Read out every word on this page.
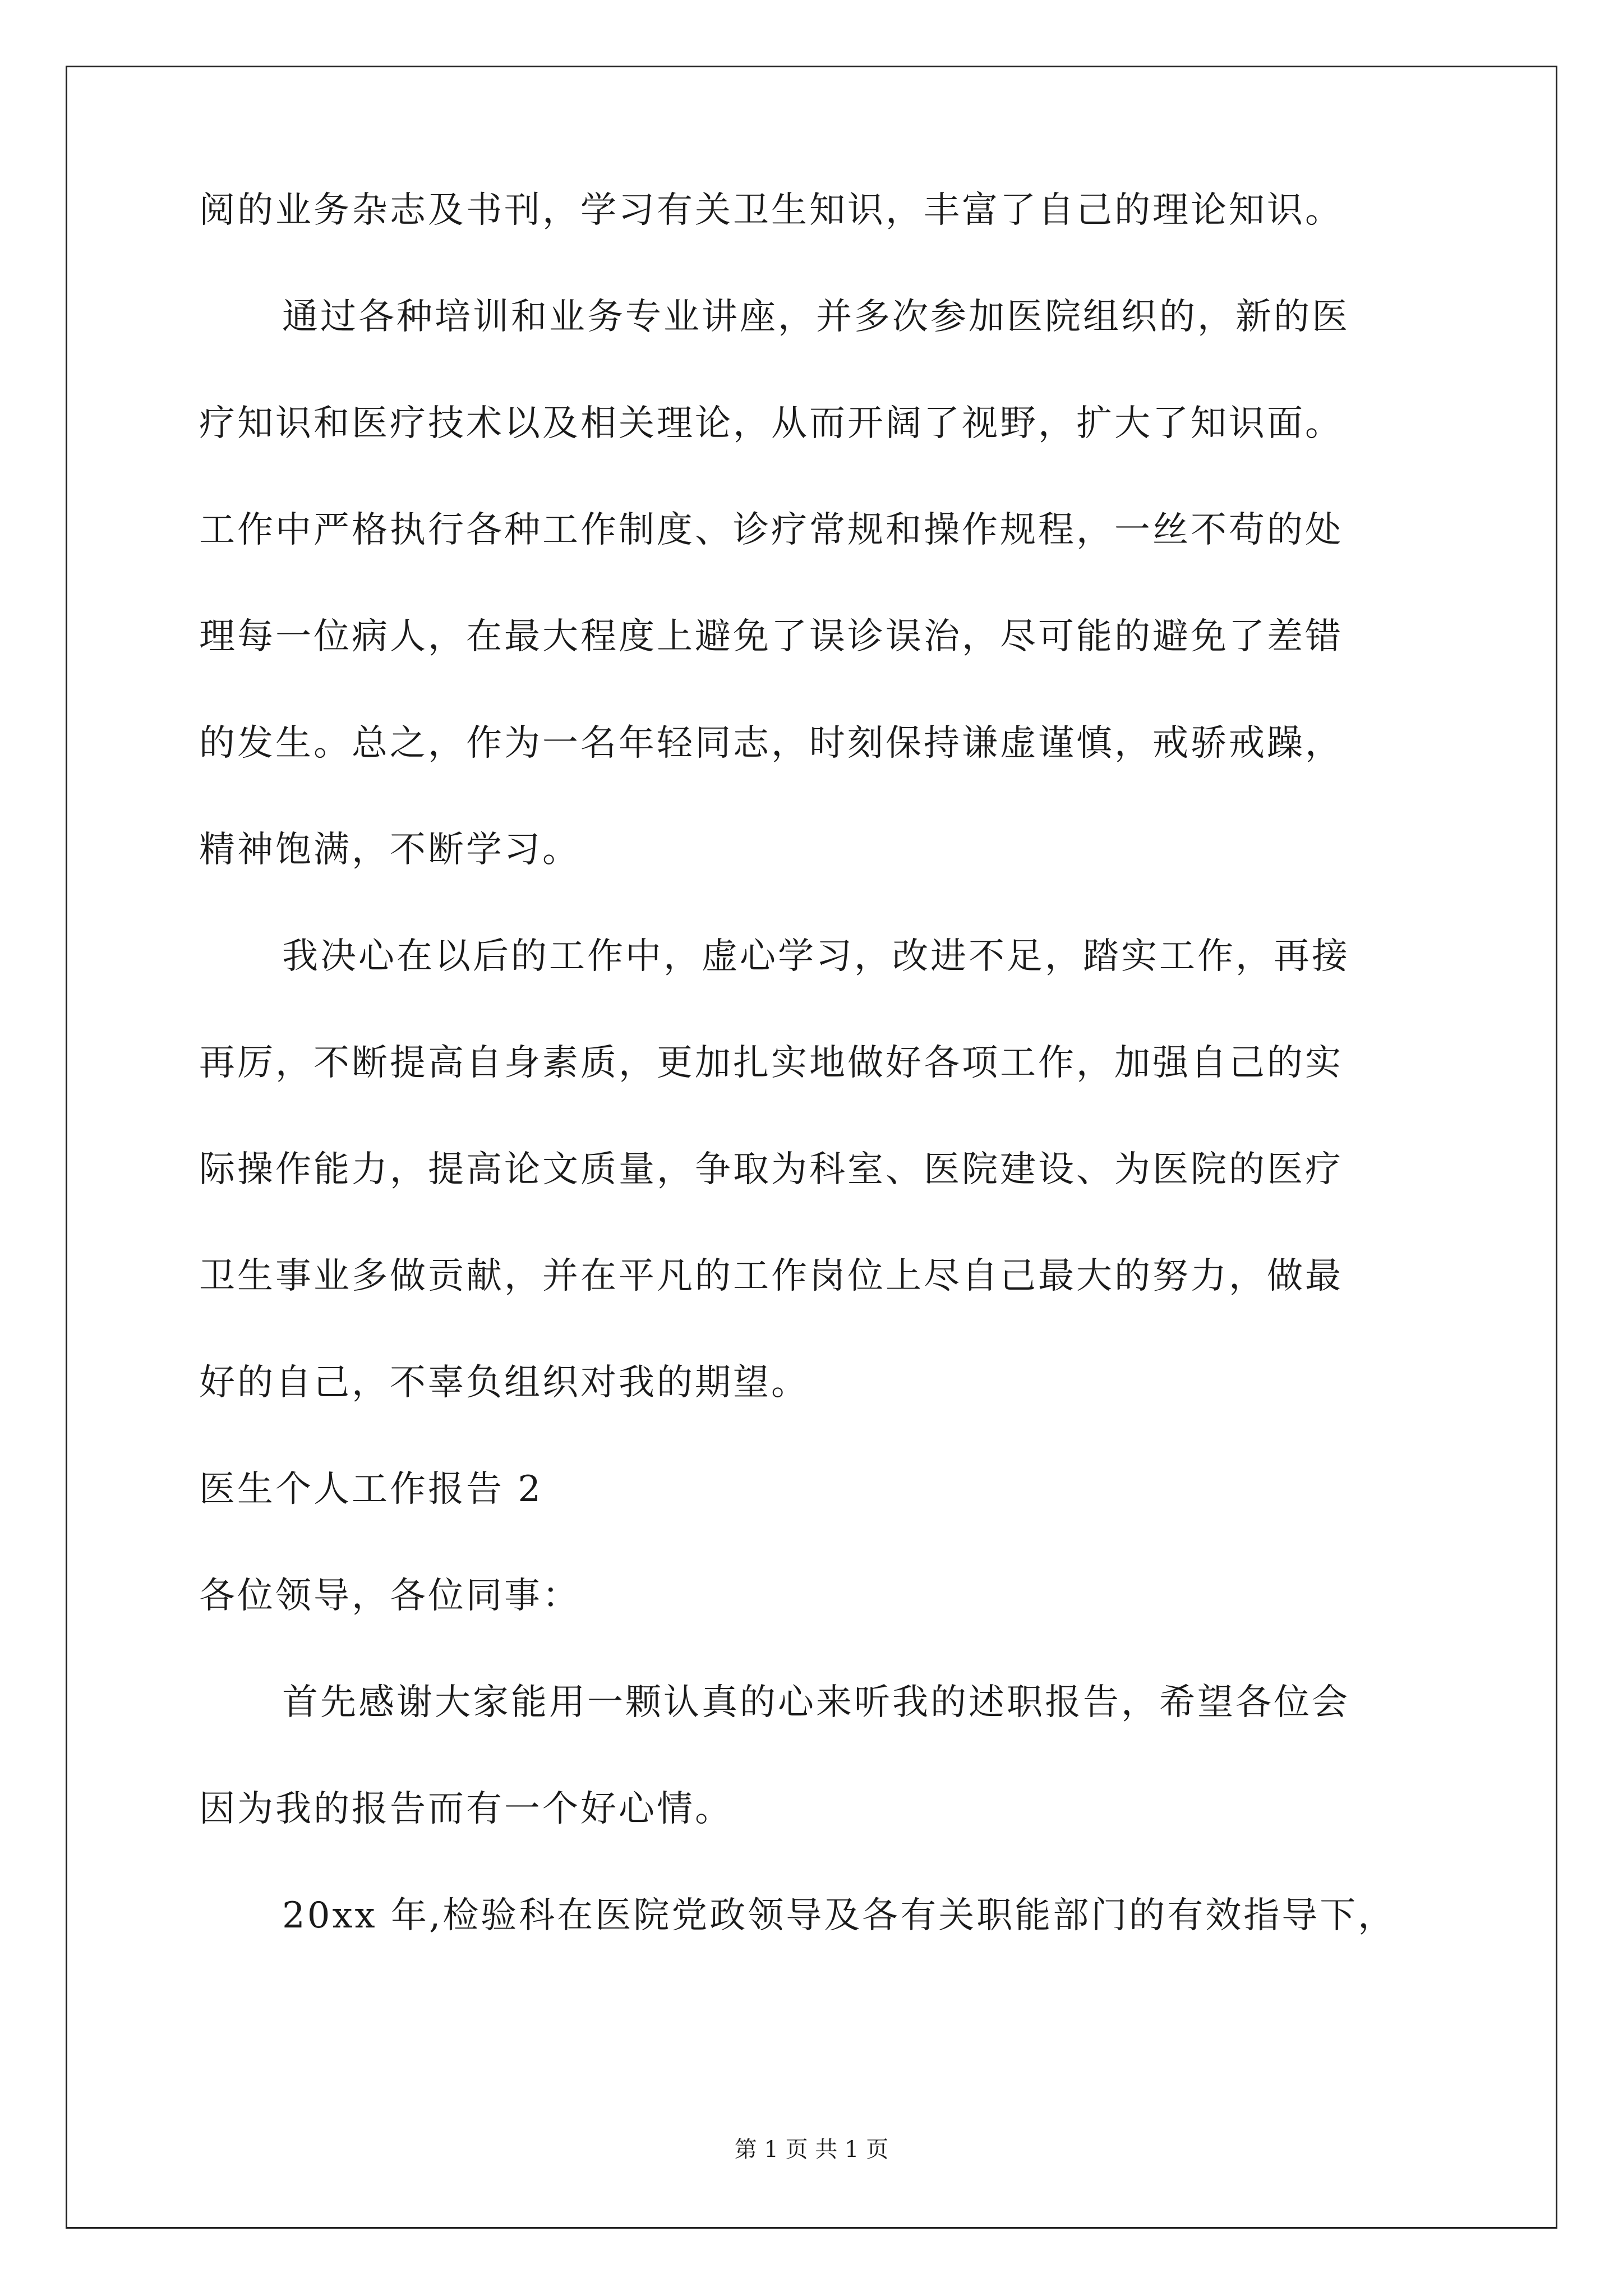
阅的业务杂志及书刊，学习有关卫生知识，丰富了自己的理论知识。
通过各种培训和业务专业讲座，并多次参加医院组织的，新的医
疗知识和医疗技术以及相关理论，从而开阔了视野，扩大了知识面。
工作中严格执行各种工作制度、诊疗常规和操作规程，一丝不苟的处
理每一位病人，在最大程度上避免了误诊误治，尽可能的避免了差错
的发生。总之，作为一名年轻同志，时刻保持谦虚谨慎，戒骄戒躁，
精神饱满，不断学习。
我决心在以后的工作中，虚心学习，改进不足，踏实工作，再接
再厉，不断提高自身素质，更加扎实地做好各项工作，加强自己的实
际操作能力，提高论文质量，争取为科室、医院建设、为医院的医疗
卫生事业多做贡献，并在平凡的工作岗位上尽自己最大的努力，做最
好的自己，不辜负组织对我的期望。
医生个人工作报告 2
各位领导，各位同事：
首先感谢大家能用一颗认真的心来听我的述职报告，希望各位会
因为我的报告而有一个好心情。
20xx 年,检验科在医院党政领导及各有关职能部门的有效指导下，
第 1 页 共 1 页
